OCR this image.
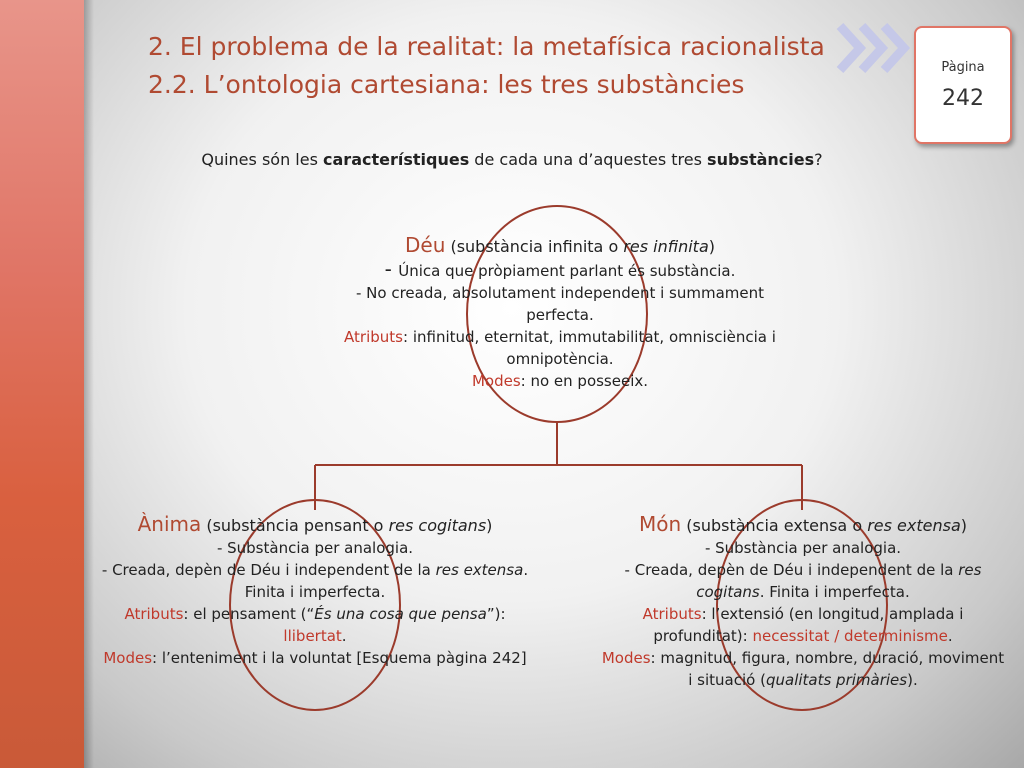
2. El problema de la realitat: la metafísica racionalista
2.2. L’ontologia cartesiana: les tres substàncies
Pàgina
242
Quines són les característiques de cada una d’aquestes tres substàncies?
Déu (substància infinita o res infinita)
- Única que pròpiament parlant és substància.
- No creada, absolutament independent i summament perfecta.
Atributs: infinitud, eternitat, immutabilitat, omnisciència i omnipotència.
Modes: no en posseeix.
Ànima (substància pensant o res cogitans)
- Substància per analogia.
- Creada, depèn de Déu i independent de la res extensa. Finita i imperfecta.
Atributs: el pensament (“És una cosa que pensa”): llibertat.
Modes: l’enteniment i la voluntat [Esquema pàgina 242]
Món (substància extensa o res extensa)
- Substància per analogia.
- Creada, depèn de Déu i independent de la res cogitans. Finita i imperfecta.
Atributs: l’extensió (en longitud, amplada i profunditat): necessitat / determinisme.
Modes: magnitud, figura, nombre, duració, moviment i situació (qualitats primàries).
